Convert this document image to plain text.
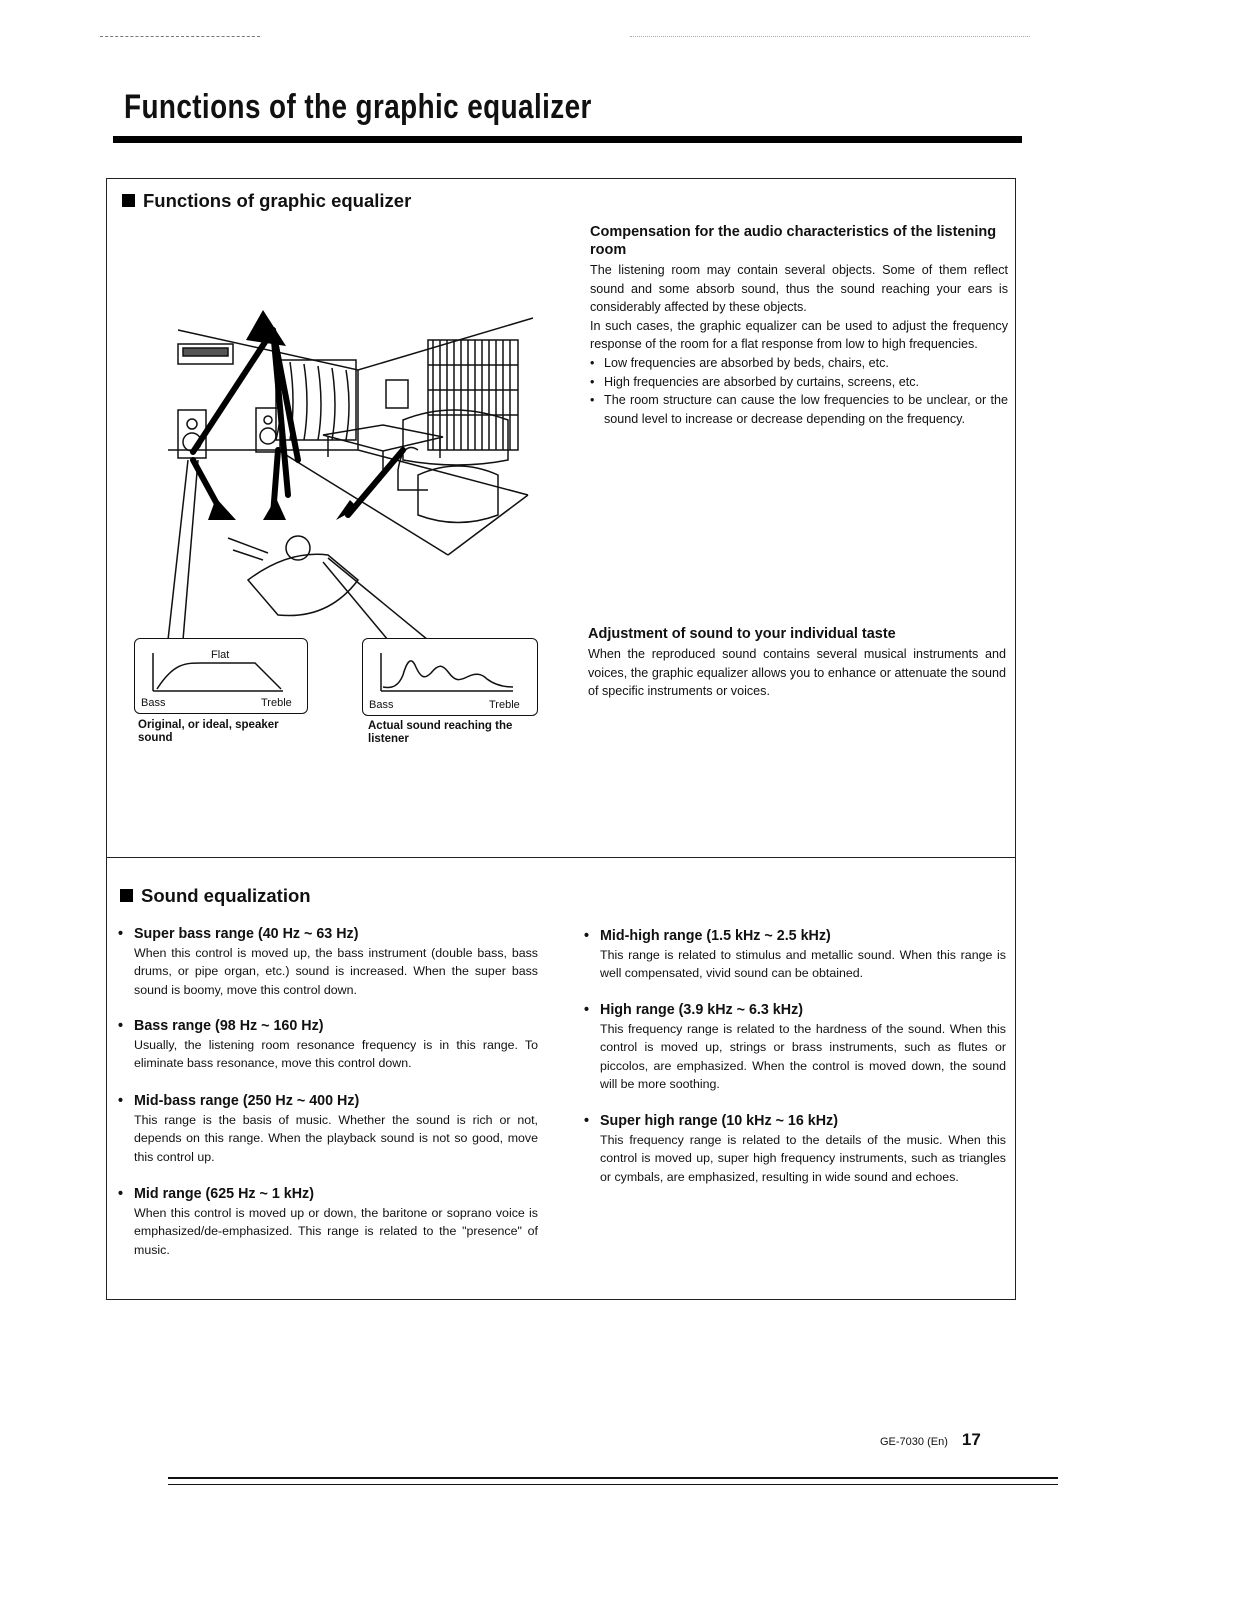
Functions of the graphic equalizer
Functions of graphic equalizer
Flat
Bass	Treble
Original, or ideal, speaker sound
Bass	Treble
Actual sound reaching the listener

Compensation for the audio characteristics of the listening room

The listening room may contain several objects. Some of them reflect sound and some absorb sound, thus the sound reaching your ears is considerably affected by these objects.

In such cases, the graphic equalizer can be used to adjust the frequency response of the room for a flat response from low to high frequencies.

• Low frequencies are absorbed by beds, chairs, etc.

• High frequencies are absorbed by curtains, screens, etc.

• The room structure can cause the low frequencies to be unclear, or the sound level to increase or decrease depending on the frequency.

Adjustment of sound to your individual taste

When the reproduced sound contains several musical instruments and voices, the graphic equalizer allows you to enhance or attenuate the sound of specific instruments or voices.

Sound equalization

• Super bass range (40 Hz ~ 63 Hz)

When this control is moved up, the bass instrument (double bass, bass drums, or pipe organ, etc.) sound is increased. When the super bass sound is boomy, move this control down.

• Bass range (98 Hz ~ 160 Hz)

Usually, the listening room resonance frequency is in this range. To eliminate bass resonance, move this control down.

• Mid-bass range (250 Hz ~ 400 Hz)

This range is the basis of music. Whether the sound is rich or not, depends on this range. When the playback sound is not so good, move this control up.

• Mid range (625 Hz ~ 1 kHz)

When this control is moved up or down, the baritone or soprano voice is emphasized/de-emphasized. This range is related to the "presence" of music.

• Mid-high range (1.5 kHz ~ 2.5 kHz)

This range is related to stimulus and metallic sound. When this range is well compensated, vivid sound can be obtained.

• High range (3.9 kHz ~ 6.3 kHz)

This frequency range is related to the hardness of the sound. When this control is moved up, strings or brass instruments, such as flutes or piccolos, are emphasized. When the control is moved down, the sound will be more soothing.

• Super high range (10 kHz ~ 16 kHz)

This frequency range is related to the details of the music. When this control is moved up, super high frequency instruments, such as triangles or cymbals, are emphasized, resulting in wide sound and echoes.

GE-7030 (En) 17
